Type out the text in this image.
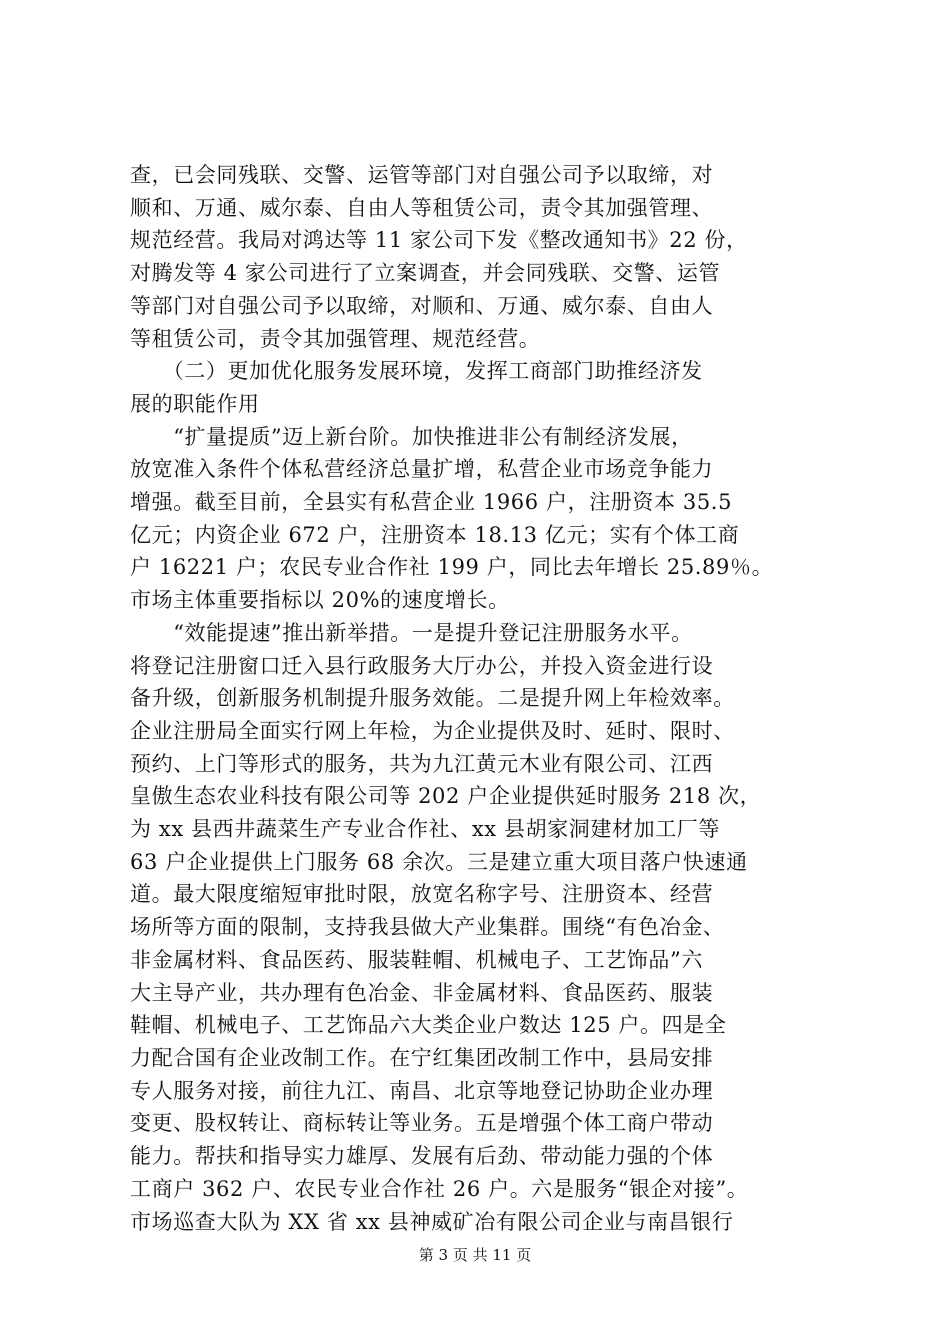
查，已会同残联、交警、运管等部门对自强公司予以取缔，对
顺和、万通、威尔泰、自由人等租赁公司，责令其加强管理、
规范经营。我局对鸿达等 11 家公司下发《整改通知书》22 份，
对腾发等 4 家公司进行了立案调查，并会同残联、交警、运管
等部门对自强公司予以取缔，对顺和、万通、威尔泰、自由人
等租赁公司，责令其加强管理、规范经营。
　　（二）更加优化服务发展环境，发挥工商部门助推经济发
展的职能作用
　　“扩量提质”迈上新台阶。加快推进非公有制经济发展，
放宽准入条件个体私营经济总量扩增，私营企业市场竞争能力
增强。截至目前，全县实有私营企业 1966 户，注册资本 35.5
亿元；内资企业 672 户，注册资本 18.13 亿元；实有个体工商
户 16221 户；农民专业合作社 199 户，同比去年增长 25.89％。
市场主体重要指标以 20%的速度增长。
　　“效能提速”推出新举措。一是提升登记注册服务水平。
将登记注册窗口迁入县行政服务大厅办公，并投入资金进行设
备升级，创新服务机制提升服务效能。二是提升网上年检效率。
企业注册局全面实行网上年检，为企业提供及时、延时、限时、
预约、上门等形式的服务，共为九江黄元木业有限公司、江西
皇傲生态农业科技有限公司等 202 户企业提供延时服务 218 次，
为 xx 县西井蔬菜生产专业合作社、xx 县胡家洞建材加工厂等
63 户企业提供上门服务 68 余次。三是建立重大项目落户快速通
道。最大限度缩短审批时限，放宽名称字号、注册资本、经营
场所等方面的限制，支持我县做大产业集群。围绕“有色冶金、
非金属材料、食品医药、服装鞋帽、机械电子、工艺饰品”六
大主导产业，共办理有色冶金、非金属材料、食品医药、服装
鞋帽、机械电子、工艺饰品六大类企业户数达 125 户。四是全
力配合国有企业改制工作。在宁红集团改制工作中，县局安排
专人服务对接，前往九江、南昌、北京等地登记协助企业办理
变更、股权转让、商标转让等业务。五是增强个体工商户带动
能力。帮扶和指导实力雄厚、发展有后劲、带动能力强的个体
工商户 362 户、农民专业合作社 26 户。六是服务“银企对接”。
市场巡查大队为 XX 省 xx 县神威矿冶有限公司企业与南昌银行
第 3 页 共 11 页
